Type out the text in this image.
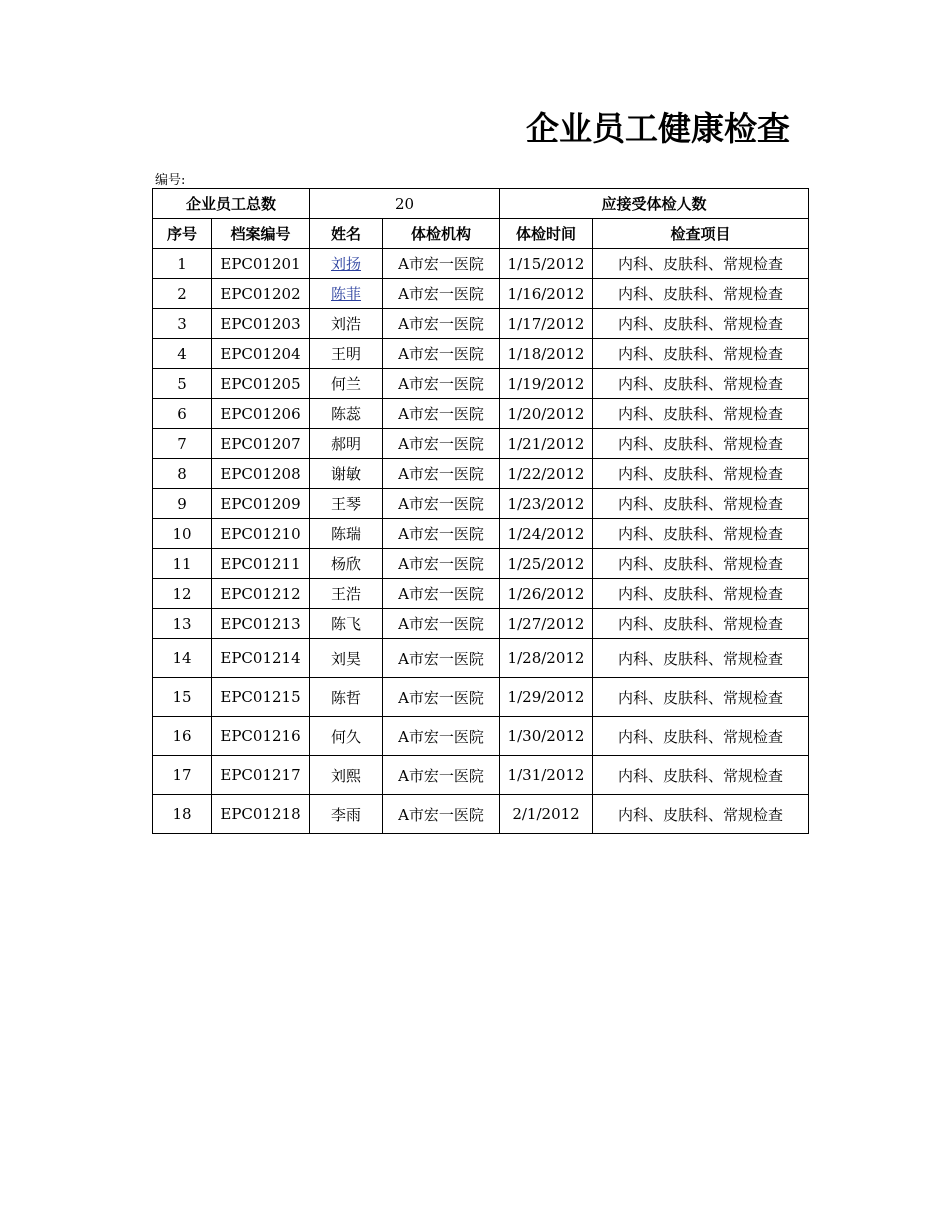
企业员工健康检查
编号:
企业员工总数		20		应接受体检人数	
序号	档案编号	姓名	体检机构	体检时间	检查项目
1	EPC01201	刘扬	A市宏一医院	1/15/2012	内科、皮肤科、常规检查
2	EPC01202	陈菲	A市宏一医院	1/16/2012	内科、皮肤科、常规检查
3	EPC01203	刘浩	A市宏一医院	1/17/2012	内科、皮肤科、常规检查
4	EPC01204	王明	A市宏一医院	1/18/2012	内科、皮肤科、常规检查
5	EPC01205	何兰	A市宏一医院	1/19/2012	内科、皮肤科、常规检查
6	EPC01206	陈蕊	A市宏一医院	1/20/2012	内科、皮肤科、常规检查
7	EPC01207	郝明	A市宏一医院	1/21/2012	内科、皮肤科、常规检查
8	EPC01208	谢敏	A市宏一医院	1/22/2012	内科、皮肤科、常规检查
9	EPC01209	王琴	A市宏一医院	1/23/2012	内科、皮肤科、常规检查
10	EPC01210	陈瑞	A市宏一医院	1/24/2012	内科、皮肤科、常规检查
11	EPC01211	杨欣	A市宏一医院	1/25/2012	内科、皮肤科、常规检查
12	EPC01212	王浩	A市宏一医院	1/26/2012	内科、皮肤科、常规检查
13	EPC01213	陈飞	A市宏一医院	1/27/2012	内科、皮肤科、常规检查
14	EPC01214	刘昊	A市宏一医院	1/28/2012	内科、皮肤科、常规检查
15	EPC01215	陈哲	A市宏一医院	1/29/2012	内科、皮肤科、常规检查
16	EPC01216	何久	A市宏一医院	1/30/2012	内科、皮肤科、常规检查
17	EPC01217	刘熙	A市宏一医院	1/31/2012	内科、皮肤科、常规检查
18	EPC01218	李雨	A市宏一医院	2/1/2012	内科、皮肤科、常规检查
